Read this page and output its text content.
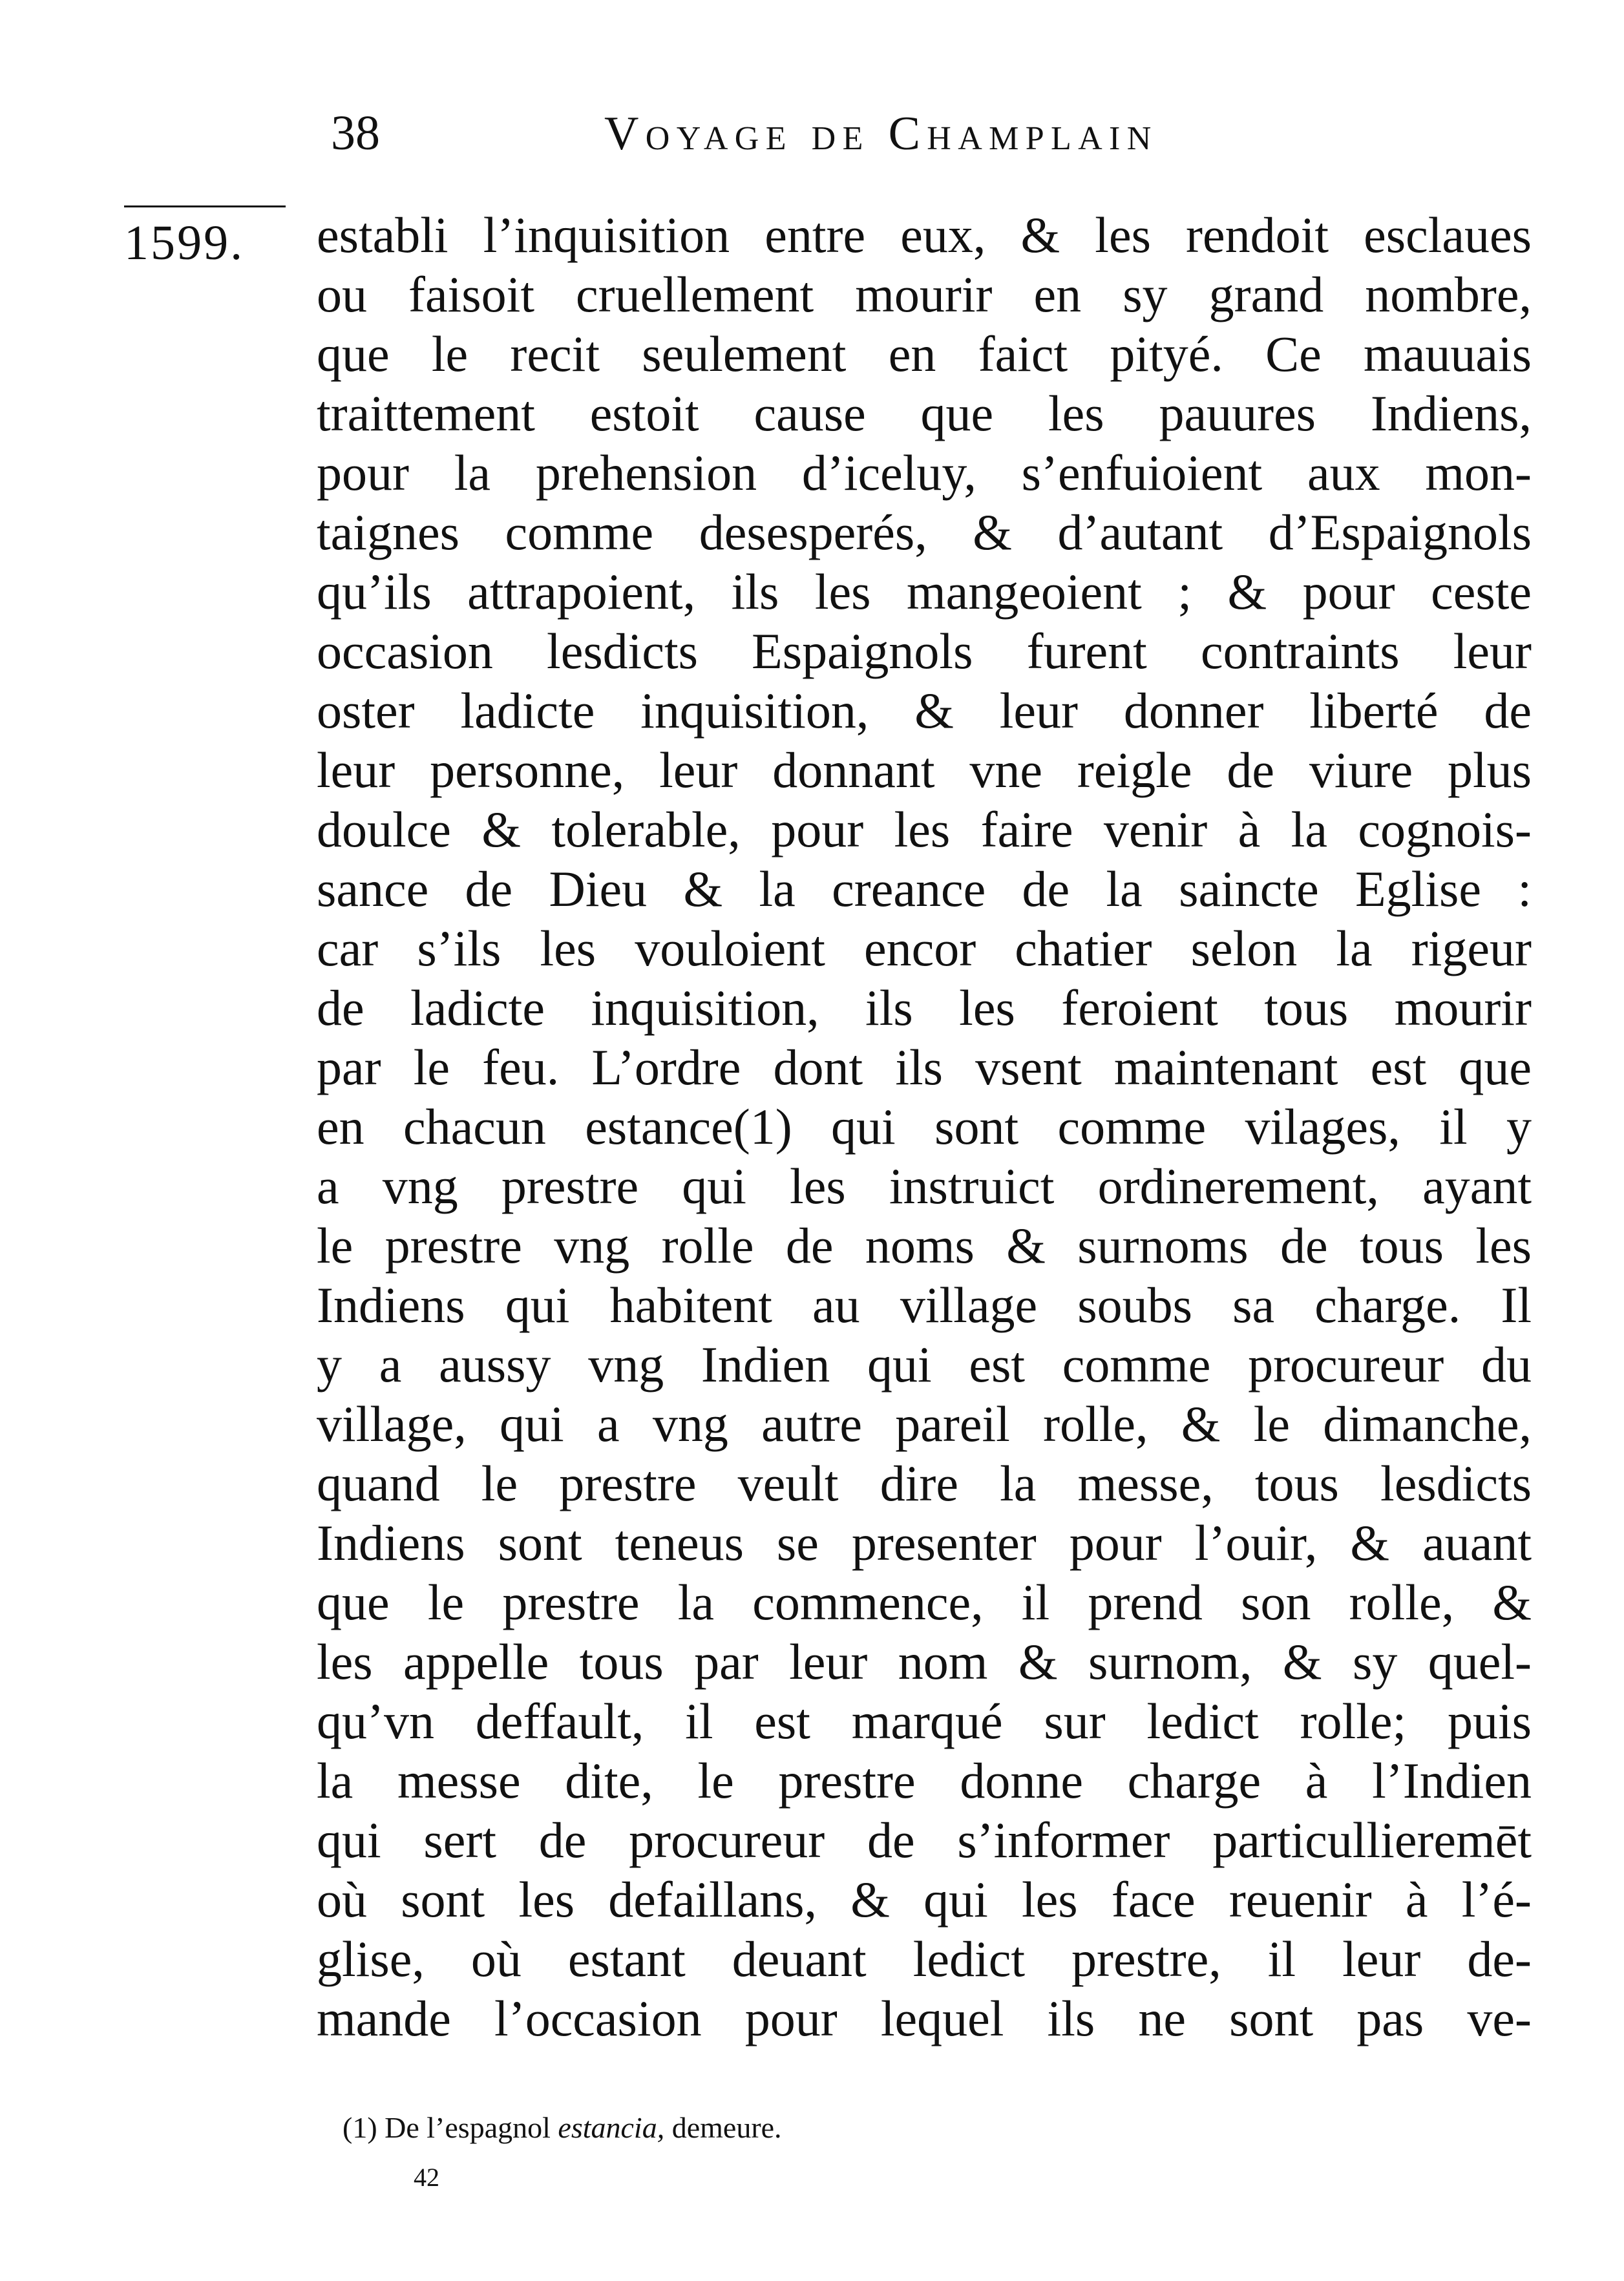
38	Voyage de Champlain
1599. establi l’inquisition entre eux, & les rendoit esclaues
ou faisoit cruellement mourir en sy grand nombre,
que le recit seulement en faict pityé. Ce mauuais
traittement estoit cause que les pauures Indiens,
pour la prehension d’iceluy, s’enfuioient aux mon-
taignes comme desesperés, & d’autant d’Espaignols
qu’ils attrapoient, ils les mangeoient ; & pour ceste
occasion lesdicts Espaignols furent contraints leur
oster ladicte inquisition, & leur donner liberté de
leur personne, leur donnant vne reigle de viure plus
doulce & tolerable, pour les faire venir à la cognois-
sance de Dieu & la creance de la saincte Eglise :
car s’ils les vouloient encor chatier selon la rigeur
de ladicte inquisition, ils les feroient tous mourir
par le feu. L’ordre dont ils vsent maintenant est que
en chacun estance(1) qui sont comme vilages, il y
a vng prestre qui les instruict ordinerement, ayant
le prestre vng rolle de noms & surnoms de tous les
Indiens qui habitent au village soubs sa charge. Il
y a aussy vng Indien qui est comme procureur du
village, qui a vng autre pareil rolle, & le dimanche,
quand le prestre veult dire la messe, tous lesdicts
Indiens sont teneus se presenter pour l’ouir, & auant
que le prestre la commence, il prend son rolle, &
les appelle tous par leur nom & surnom, & sy quel-
qu’vn deffault, il est marqué sur ledict rolle; puis
la messe dite, le prestre donne charge à l’Indien
qui sert de procureur de s’informer particullieremēt
où sont les defaillans, & qui les face reuenir à l’é-
glise, où estant deuant ledict prestre, il leur de-
mande l’occasion pour lequel ils ne sont pas ve-
(1) De l’espagnol estancia, demeure.
42
